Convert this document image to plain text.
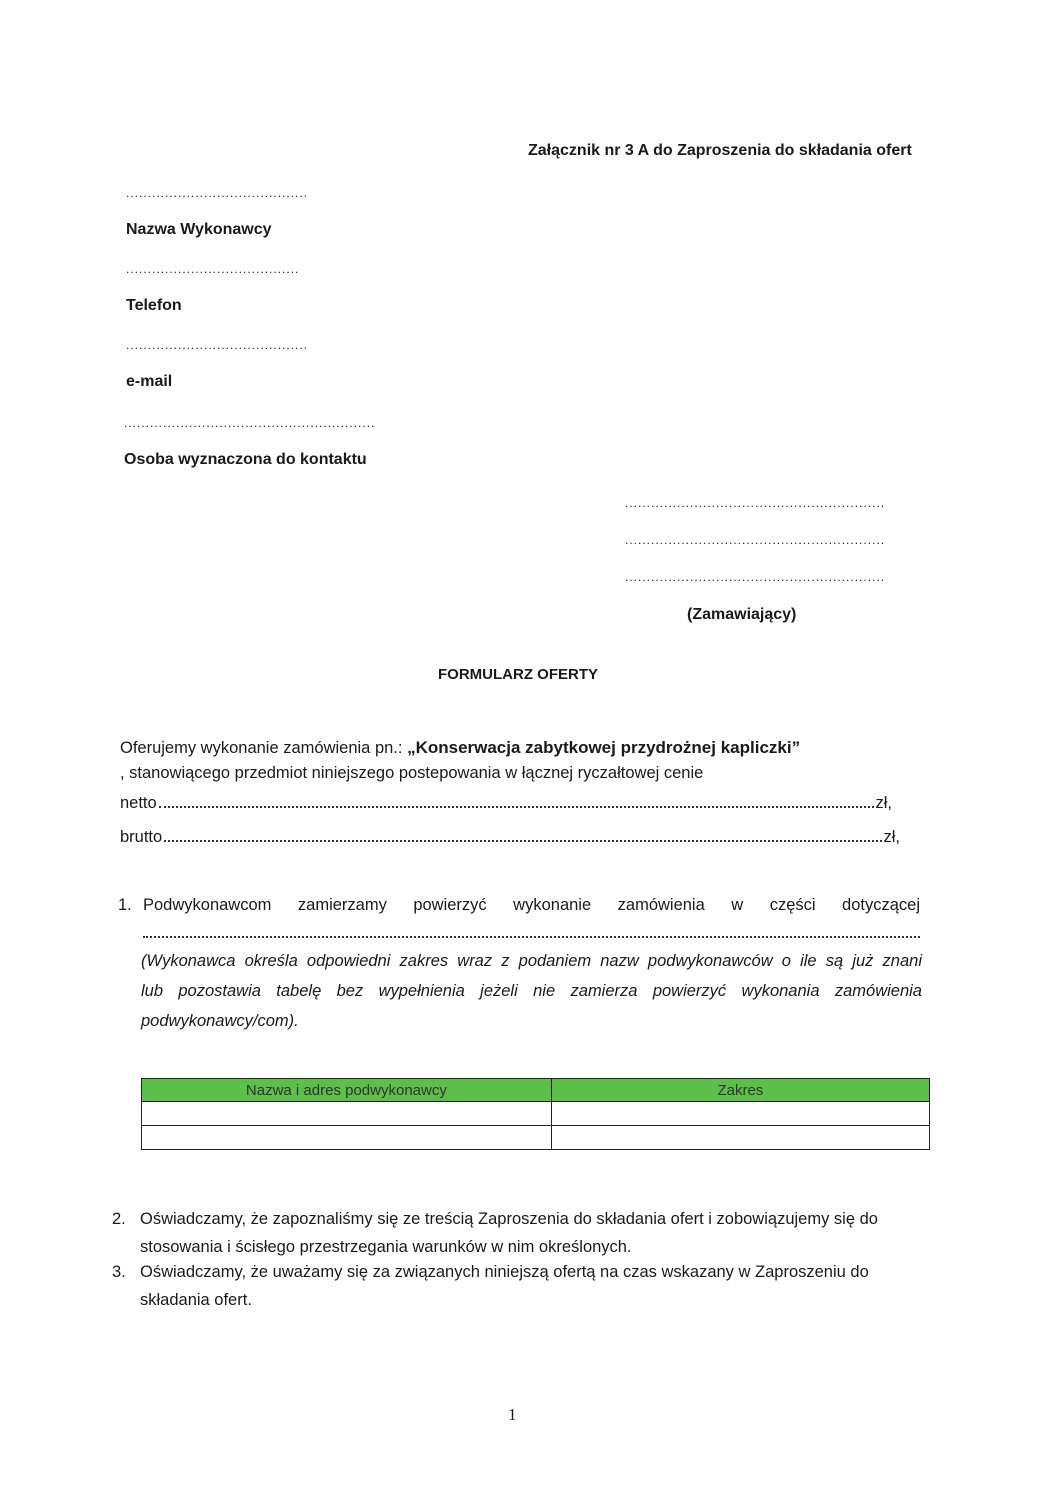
Załącznik nr 3 A do Zaproszenia do składania ofert
..........................................
Nazwa Wykonawcy
........................................
Telefon
..........................................
e-mail
..........................................................
Osoba wyznaczona do kontaktu
............................................................
............................................................
............................................................
(Zamawiający)
FORMULARZ OFERTY
Oferujemy wykonanie zamówienia pn.: „Konserwacja zabytkowej przydrożnej kapliczki”
, stanowiącego przedmiot niniejszego postepowania w łącznej ryczałtowej cenie
netto	zł,
brutto	zł,
1. Podwykonawcom zamierzamy powierzyć wykonanie zamówienia w części dotyczącej
(Wykonawca określa odpowiedni zakres wraz z podaniem nazw podwykonawców o ile są już znani
lub pozostawia tabelę bez wypełnienia jeżeli nie zamierza powierzyć wykonania zamówienia
podwykonawcy/com).
Nazwa i adres podwykonawcy	Zakres

2. Oświadczamy, że zapoznaliśmy się ze treścią Zaproszenia do składania ofert i zobowiązujemy się do
stosowania i ścisłego przestrzegania warunków w nim określonych.
3. Oświadczamy, że uważamy się za związanych niniejszą ofertą na czas wskazany w Zaproszeniu do
składania ofert.
1
